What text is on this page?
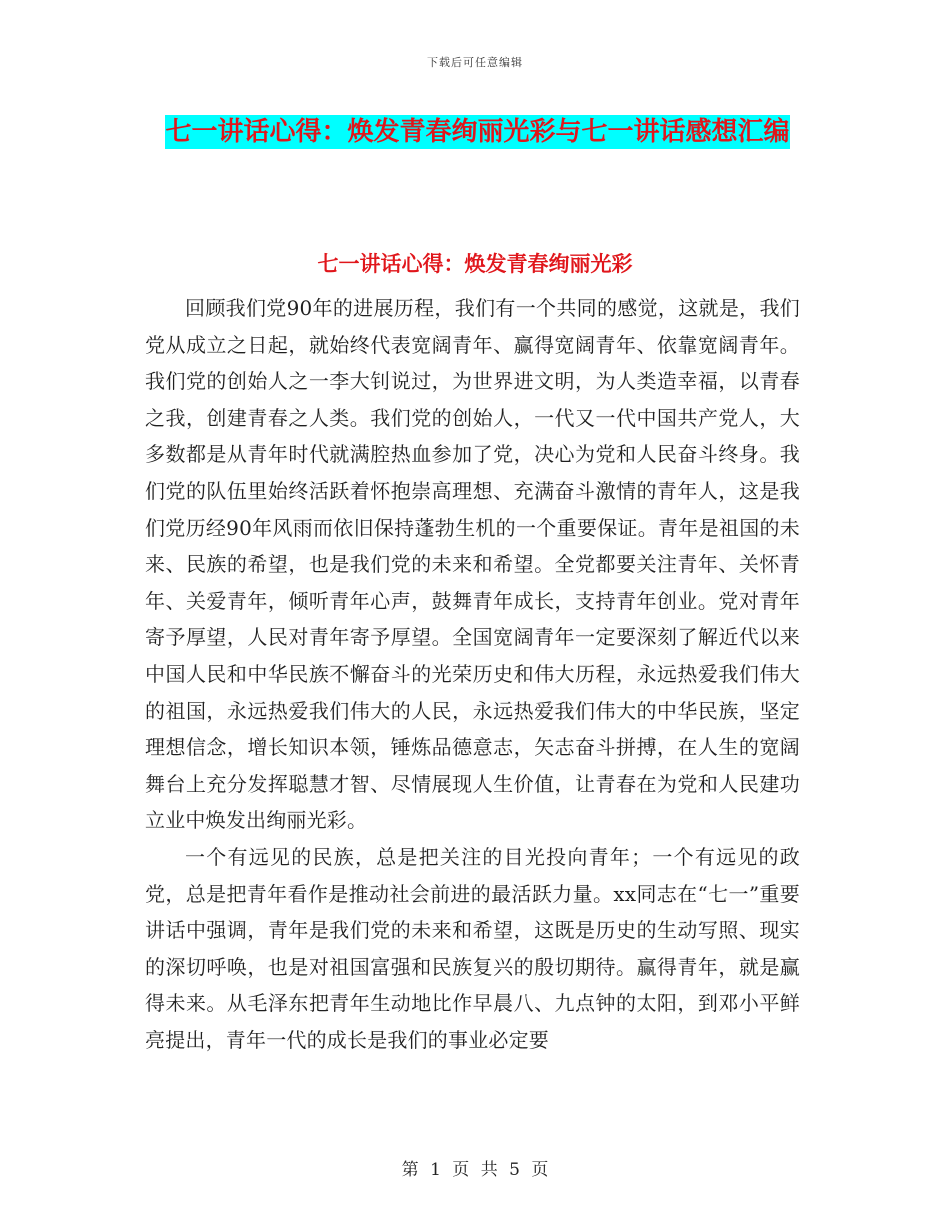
下载后可任意编辑
七一讲话心得：焕发青春绚丽光彩与七一讲话感想汇编
七一讲话心得：焕发青春绚丽光彩

回顾我们党90年的进展历程，我们有一个共同的感觉，这就是，我们党从成立之日起，就始终代表宽阔青年、赢得宽阔青年、依靠宽阔青年。我们党的创始人之一李大钊说过，为世界进文明，为人类造幸福，以青春之我，创建青春之人类。我们党的创始人，一代又一代中国共产党人，大多数都是从青年时代就满腔热血参加了党，决心为党和人民奋斗终身。我们党的队伍里始终活跃着怀抱崇高理想、充满奋斗激情的青年人，这是我们党历经90年风雨而依旧保持蓬勃生机的一个重要保证。青年是祖国的未来、民族的希望，也是我们党的未来和希望。全党都要关注青年、关怀青年、关爱青年，倾听青年心声，鼓舞青年成长，支持青年创业。党对青年寄予厚望，人民对青年寄予厚望。全国宽阔青年一定要深刻了解近代以来中国人民和中华民族不懈奋斗的光荣历史和伟大历程，永远热爱我们伟大的祖国，永远热爱我们伟大的人民，永远热爱我们伟大的中华民族，坚定理想信念，增长知识本领，锤炼品德意志，矢志奋斗拼搏，在人生的宽阔舞台上充分发挥聪慧才智、尽情展现人生价值，让青春在为党和人民建功立业中焕发出绚丽光彩。

一个有远见的民族，总是把关注的目光投向青年；一个有远见的政党，总是把青年看作是推动社会前进的最活跃力量。xx同志在“七一”重要讲话中强调，青年是我们党的未来和希望，这既是历史的生动写照、现实的深切呼唤，也是对祖国富强和民族复兴的殷切期待。赢得青年，就是赢得未来。从毛泽东把青年生动地比作早晨八、九点钟的太阳，到邓小平鲜亮提出，青年一代的成长是我们的事业必定要

第 1 页 共 5 页
